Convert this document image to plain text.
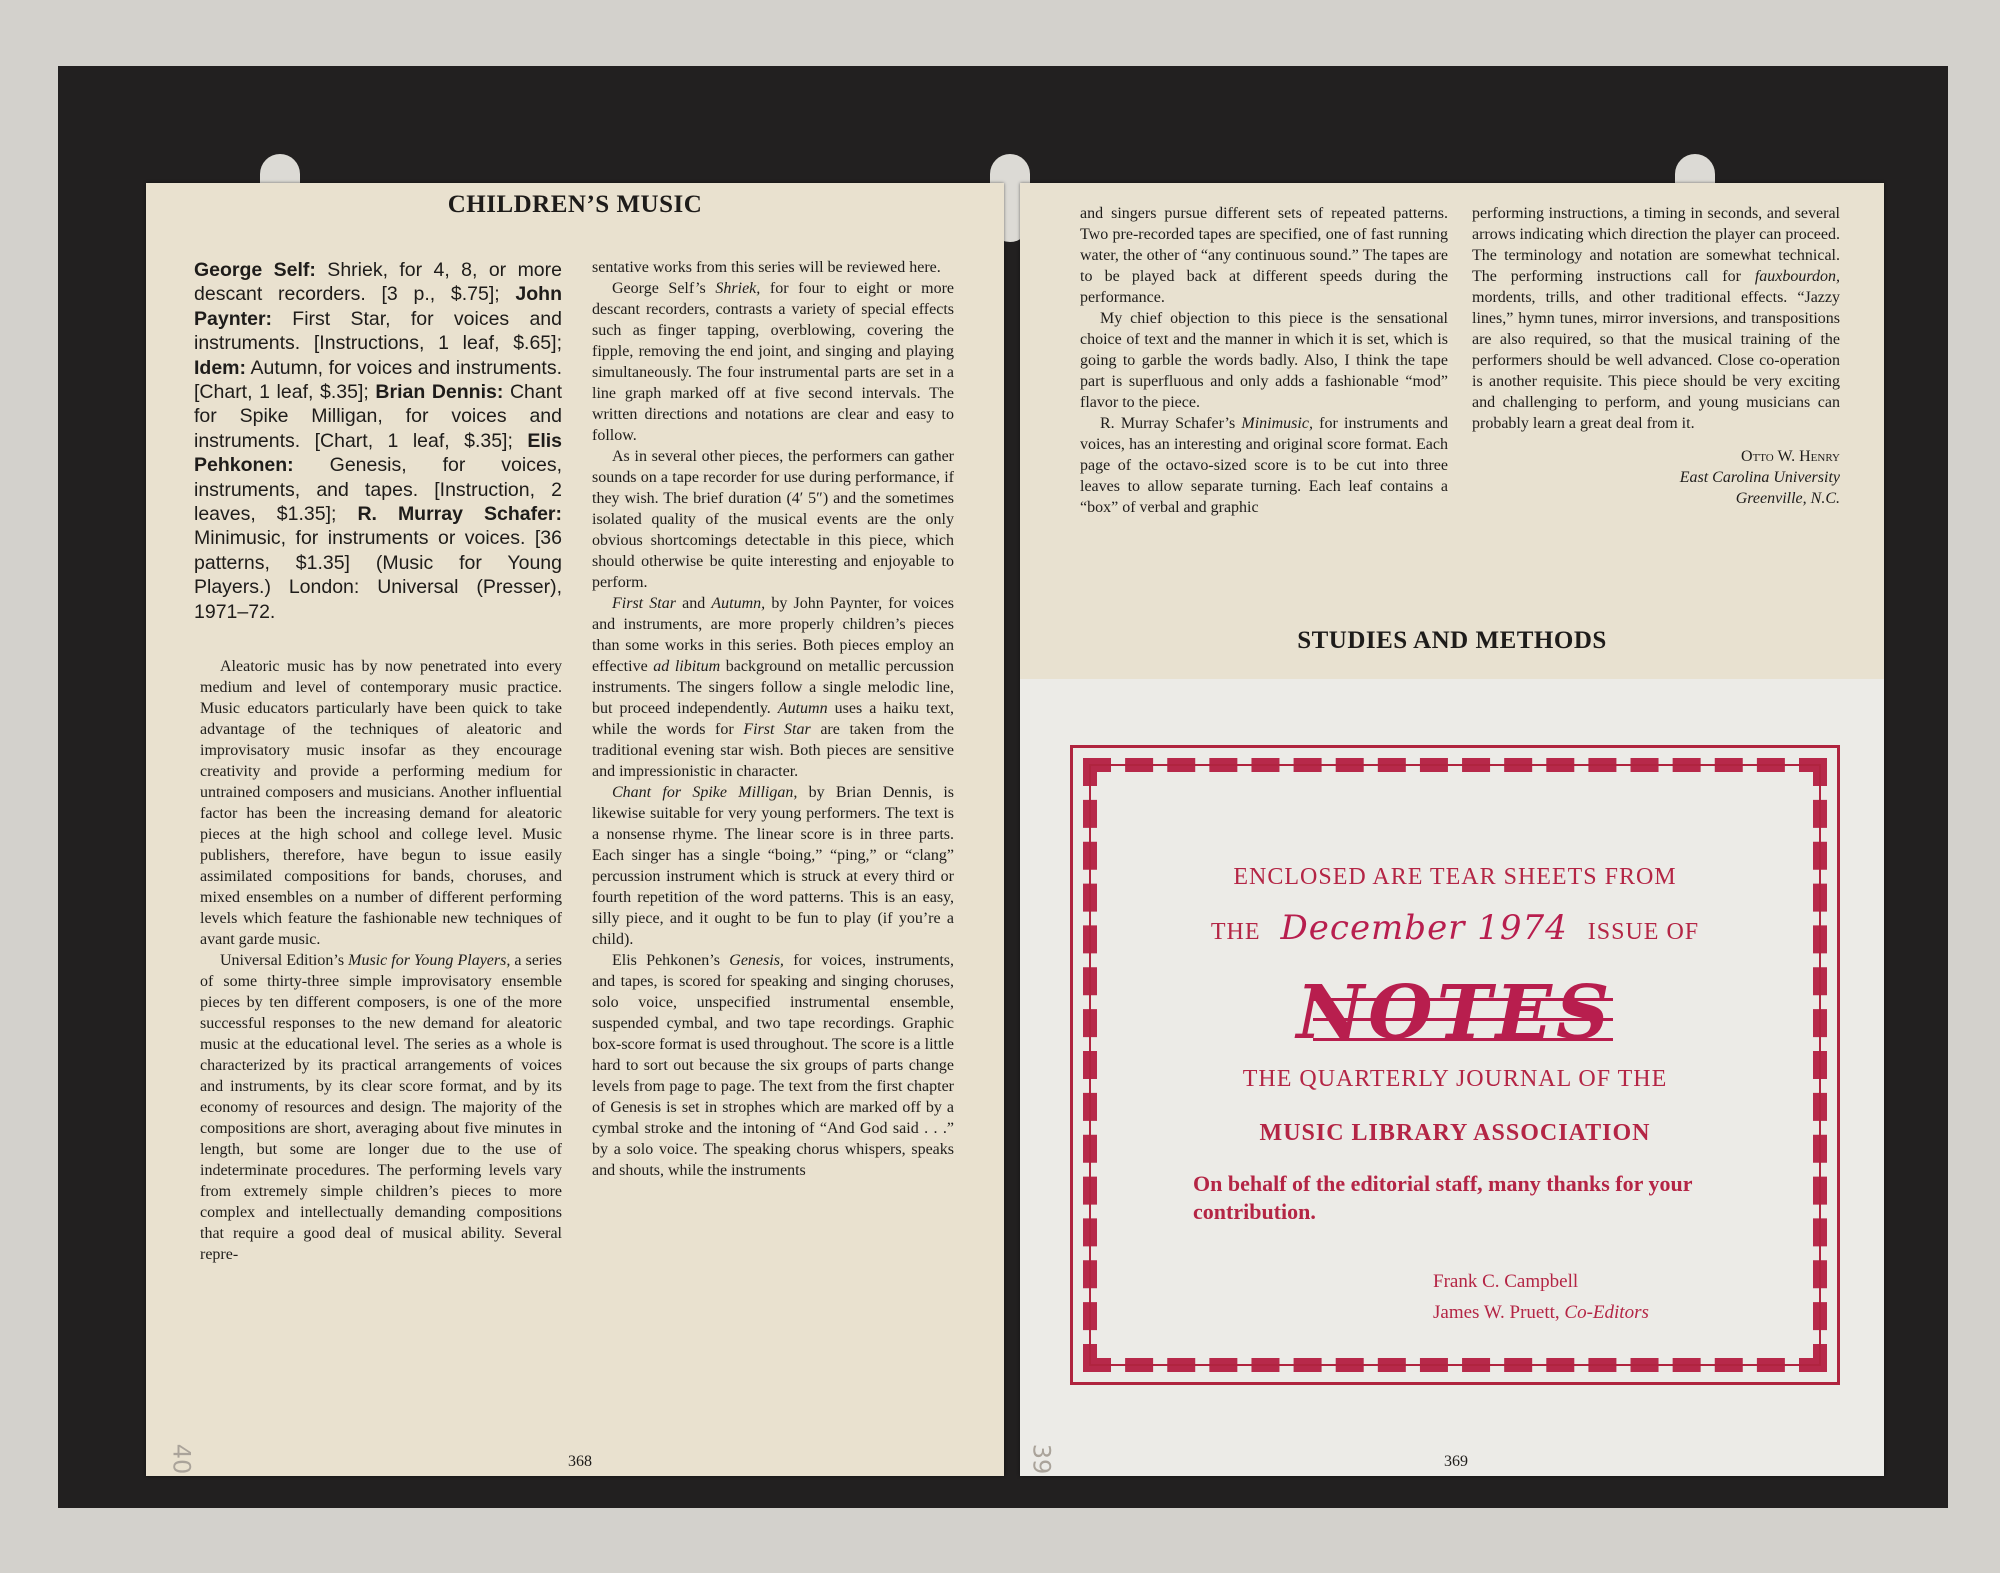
CHILDREN’S MUSIC

George Self: Shriek, for 4, 8, or more descant recorders. [3 p., $.75]; John Paynter: First Star, for voices and instruments. [Instructions, 1 leaf, $.65]; Idem: Autumn, for voices and instruments. [Chart, 1 leaf, $.35]; Brian Dennis: Chant for Spike Milligan, for voices and instruments. [Chart, 1 leaf, $.35]; Elis Pehkonen: Genesis, for voices, instruments, and tapes. [Instruction, 2 leaves, $1.35]; R. Murray Schafer: Minimusic, for instruments or voices. [36 patterns, $1.35] (Music for Young Players.) London: Universal (Presser), 1971–72.

Aleatoric music has by now penetrated into every medium and level of contemporary music practice. Music educators particularly have been quick to take advantage of the techniques of aleatoric and improvisatory music insofar as they encourage creativity and provide a performing medium for untrained composers and musicians. Another influential factor has been the increasing demand for aleatoric pieces at the high school and college level. Music publishers, therefore, have begun to issue easily assimilated compositions for bands, choruses, and mixed ensembles on a number of different performing levels which feature the fashionable new techniques of avant garde music.

Universal Edition’s Music for Young Players, a series of some thirty-three simple improvisatory ensemble pieces by ten different composers, is one of the more successful responses to the new demand for aleatoric music at the educational level. The series as a whole is characterized by its practical arrangements of voices and instruments, by its clear score format, and by its economy of resources and design. The majority of the compositions are short, averaging about five minutes in length, but some are longer due to the use of indeterminate procedures. The performing levels vary from extremely simple children’s pieces to more complex and intellectually demanding compositions that require a good deal of musical ability. Several repre-

sentative works from this series will be reviewed here.

George Self’s Shriek, for four to eight or more descant recorders, contrasts a variety of special effects such as finger tapping, overblowing, covering the fipple, removing the end joint, and singing and playing simultaneously. The four instrumental parts are set in a line graph marked off at five second intervals. The written directions and notations are clear and easy to follow.

As in several other pieces, the performers can gather sounds on a tape recorder for use during performance, if they wish. The brief duration (4′ 5″) and the sometimes isolated quality of the musical events are the only obvious shortcomings detectable in this piece, which should otherwise be quite interesting and enjoyable to perform.

First Star and Autumn, by John Paynter, for voices and instruments, are more properly children’s pieces than some works in this series. Both pieces employ an effective ad libitum background on metallic percussion instruments. The singers follow a single melodic line, but proceed independently. Autumn uses a haiku text, while the words for First Star are taken from the traditional evening star wish. Both pieces are sensitive and impressionistic in character.

Chant for Spike Milligan, by Brian Dennis, is likewise suitable for very young performers. The text is a nonsense rhyme. The linear score is in three parts. Each singer has a single “boing,” “ping,” or “clang” percussion instrument which is struck at every third or fourth repetition of the word patterns. This is an easy, silly piece, and it ought to be fun to play (if you’re a child).

Elis Pehkonen’s Genesis, for voices, instruments, and tapes, is scored for speaking and singing choruses, solo voice, unspecified instrumental ensemble, suspended cymbal, and two tape recordings. Graphic box-score format is used throughout. The score is a little hard to sort out because the six groups of parts change levels from page to page. The text from the first chapter of Genesis is set in strophes which are marked off by a cymbal stroke and the intoning of “And God said . . .” by a solo voice. The speaking chorus whispers, speaks and shouts, while the instruments

368

40

and singers pursue different sets of repeated patterns. Two pre-recorded tapes are specified, one of fast running water, the other of “any continuous sound.” The tapes are to be played back at different speeds during the performance.

My chief objection to this piece is the sensational choice of text and the manner in which it is set, which is going to garble the words badly. Also, I think the tape part is superfluous and only adds a fashionable “mod” flavor to the piece.

R. Murray Schafer’s Minimusic, for instruments and voices, has an interesting and original score format. Each page of the octavo-sized score is to be cut into three leaves to allow separate turning. Each leaf contains a “box” of verbal and graphic

performing instructions, a timing in seconds, and several arrows indicating which direction the player can proceed. The terminology and notation are somewhat technical. The performing instructions call for fauxbourdon, mordents, trills, and other traditional effects. “Jazzy lines,” hymn tunes, mirror inversions, and transpositions are also required, so that the musical training of the performers should be well advanced. Close co-operation is another requisite. This piece should be very exciting and challenging to perform, and young musicians can probably learn a great deal from it.

Otto W. Henry
East Carolina University
Greenville, N.C.
STUDIES AND METHODS

ENCLOSED ARE TEAR SHEETS FROM

THE December 1974 ISSUE OF

NOTES

THE QUARTERLY JOURNAL OF THE

MUSIC LIBRARY ASSOCIATION

On behalf of the editorial staff, many thanks for your contribution.

Frank C. Campbell
James W. Pruett, Co-Editors

369

39
